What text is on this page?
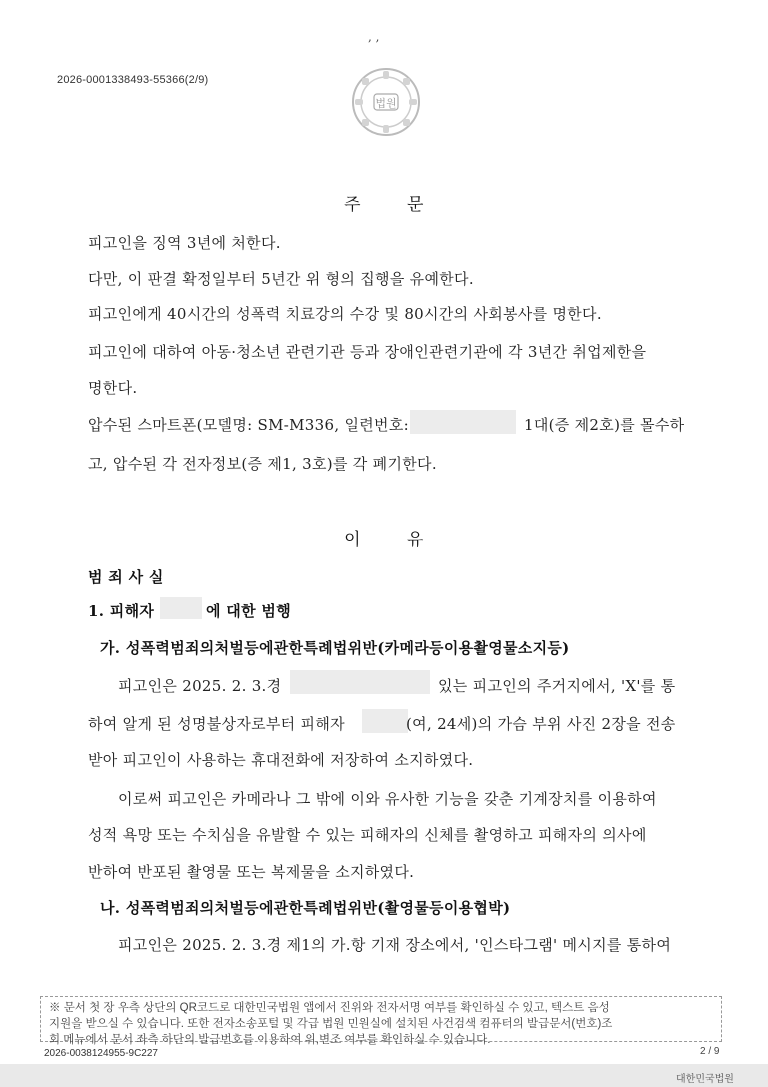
, ,
2026-0001338493-55366(2/9)
법원
주 문
피고인을 징역 3년에 처한다.
다만, 이 판결 확정일부터 5년간 위 형의 집행을 유예한다.
피고인에게 40시간의 성폭력 치료강의 수강 및 80시간의 사회봉사를 명한다.
피고인에 대하여 아동·청소년 관련기관 등과 장애인관련기관에 각 3년간 취업제한을
명한다.
압수된 스마트폰(모델명: SM-M336, 일련번호:	1대(증 제2호)를 몰수하
고, 압수된 각 전자정보(증 제1, 3호)를 각 폐기한다.
이 유
범 죄 사 실
1. 피해자	에 대한 범행
가. 성폭력범죄의처벌등에관한특례법위반(카메라등이용촬영물소지등)
피고인은 2025. 2. 3.경	있는 피고인의 주거지에서, 'X'를 통
하여 알게 된 성명불상자로부터 피해자	(여, 24세)의 가슴 부위 사진 2장을 전송
받아 피고인이 사용하는 휴대전화에 저장하여 소지하였다.
이로써 피고인은 카메라나 그 밖에 이와 유사한 기능을 갖춘 기계장치를 이용하여
성적 욕망 또는 수치심을 유발할 수 있는 피해자의 신체를 촬영하고 피해자의 의사에
반하여 반포된 촬영물 또는 복제물을 소지하였다.
나. 성폭력범죄의처벌등에관한특례법위반(촬영물등이용협박)
피고인은 2025. 2. 3.경 제1의 가.항 기재 장소에서, '인스타그램' 메시지를 통하여
※ 문서 첫 장 우측 상단의 QR코드로 대한민국법원 앱에서 진위와 전자서명 여부를 확인하실 수 있고, 텍스트 음성
지원을 받으실 수 있습니다. 또한 전자소송포털 및 각급 법원 민원실에 설치된 사건검색 컴퓨터의 발급문서(번호)조
회 메뉴에서 문서 좌측 하단의 발급번호를 이용하여 위,변조 여부를 확인하실 수 있습니다.
2026-0038124955-9C227	2 / 9
대한민국법원
